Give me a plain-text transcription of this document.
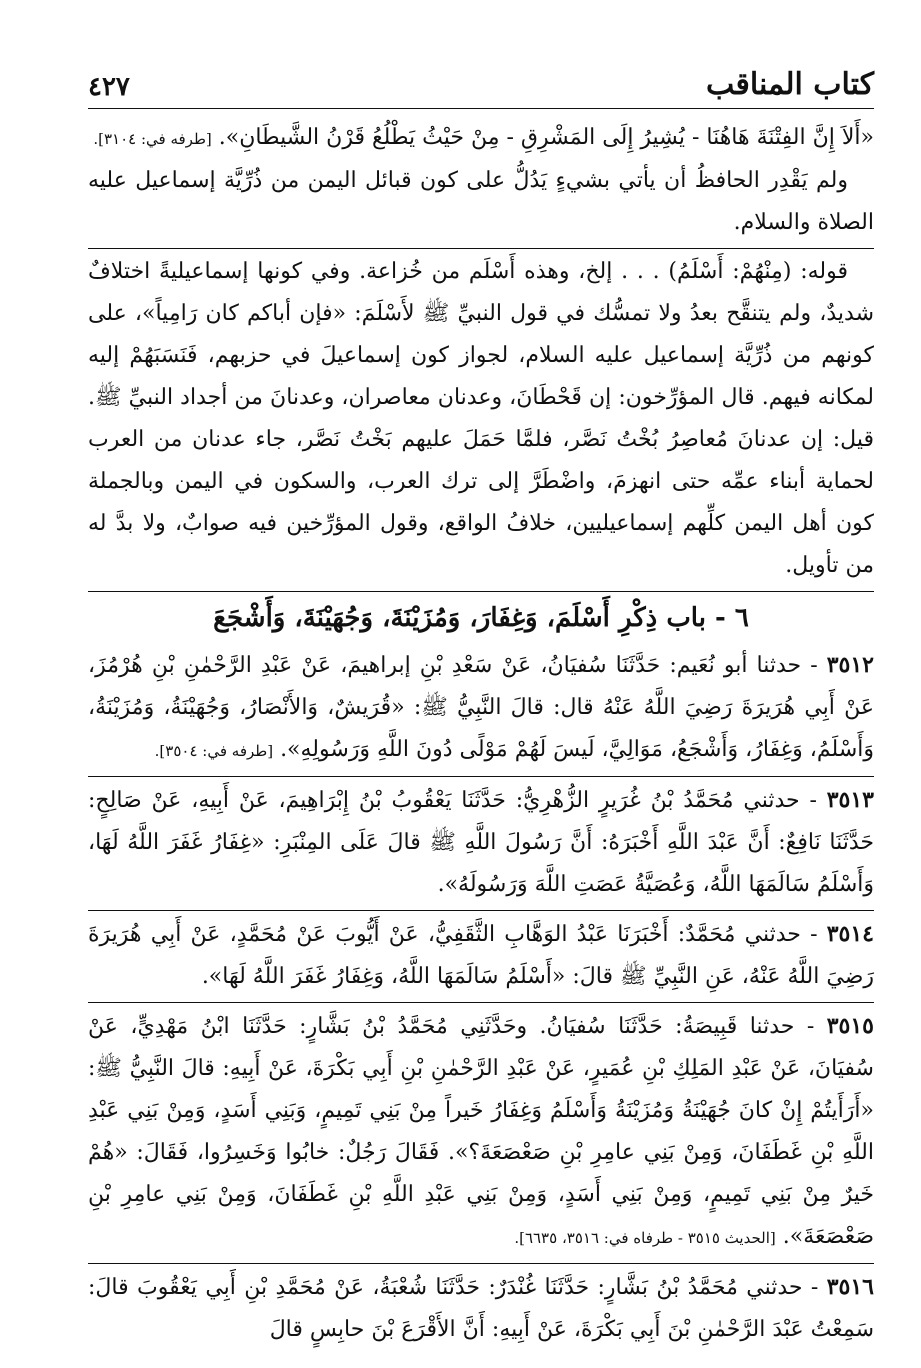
كتاب المناقب
٤٢٧

«أَلاَ إِنَّ الفِتْنَةَ هَاهُنَا - يُشِيرُ إِلَى المَشْرِقِ - مِنْ حَيْثُ يَطْلُعُ قَرْنُ الشَّيطَانِ». [طرفه في: ٣١٠٤].

ولم يَقْدِر الحافظُ أن يأتي بشيءٍ يَدُلُّ على كون قبائل اليمن من ذُرِّيَّة إسماعيل عليه الصلاة والسلام.

قوله: (مِنْهُمْ: أَسْلَمُ) . . . إلخ، وهذه أَسْلَم من خُزاعة. وفي كونها إسماعيليةً اختلافٌ شديدٌ، ولم يتنقَّح بعدُ ولا تمسُّك في قول النبيِّ ﷺ لأَسْلَمَ: «فإن أباكم كان رَامِياً»، على كونهم من ذُرِّيَّة إسماعيل عليه السلام، لجواز كون إسماعيلَ في حزبهم، فَنَسَبَهُمْ إليه لمكانه فيهم. قال المؤرِّخون: إن قَحْطَانَ، وعدنان معاصران، وعدنانَ من أجداد النبيِّ ﷺ. قيل: إن عدنانَ مُعاصِرُ بُخْتُ نَصَّر، فلمَّا حَمَلَ عليهم بَخْتُ نَصَّر، جاء عدنان من العرب لحماية أبناء عمِّه حتى انهزمَ، واضْطَرَّ إلى ترك العرب، والسكون في اليمن وبالجملة كون أهل اليمن كلِّهم إسماعيليين، خلافُ الواقع، وقول المؤرِّخين فيه صوابٌ، ولا بدَّ له من تأويل.

٦ - باب ذِكْرِ أَسْلَمَ، وَغِفَارَ، وَمُزَيْنَةَ، وَجُهَيْنَةَ، وَأَشْجَعَ

٣٥١٢ - حدثنا أبو نُعَيم: حَدَّثَنَا سُفيَانُ، عَنْ سَعْدِ بْنِ إبراهيمَ، عَنْ عَبْدِ الرَّحْمٰنِ بْنِ هُرْمُزَ، عَنْ أَبِي هُرَيرَةَ رَضِيَ اللَّهُ عَنْهُ قال: قالَ النَّبِيُّ ﷺ: «قُرَيشٌ، وَالأَنْصَارُ، وَجُهَيْنَةُ، وَمُزَيْنَةُ، وَأَسْلَمُ، وَغِفَارُ، وَأَشْجَعُ، مَوَالِيَّ، لَيسَ لَهُمْ مَوْلًى دُونَ اللَّهِ وَرَسُولِهِ». [طرفه في: ٣٥٠٤].

٣٥١٣ - حدثني مُحَمَّدُ بْنُ غُرَيرٍ الزُّهْرِيُّ: حَدَّثَنَا يَعْقُوبُ بْنُ إِبْرَاهِيمَ، عَنْ أَبِيهِ، عَنْ صَالِحٍ: حَدَّثَنَا نَافِعٌ: أَنَّ عَبْدَ اللَّهِ أَخْبَرَهُ: أَنَّ رَسُولَ اللَّهِ ﷺ قالَ عَلَى المِنْبَرِ: «غِفَارُ غَفَرَ اللَّهُ لَهَا، وَأَسْلَمُ سَالَمَهَا اللَّهُ، وَعُصَيَّةُ عَصَتِ اللَّهَ وَرَسُولَهُ».

٣٥١٤ - حدثني مُحَمَّدٌ: أَخْبَرَنَا عَبْدُ الوَهَّابِ الثَّقَفِيُّ، عَنْ أَيُّوبَ عَنْ مُحَمَّدٍ، عَنْ أَبِي هُرَيرَةَ رَضِيَ اللَّهُ عَنْهُ، عَنِ النَّبِيِّ ﷺ قالَ: «أَسْلَمُ سَالَمَهَا اللَّهُ، وَغِفَارُ غَفَرَ اللَّهُ لَهَا».

٣٥١٥ - حدثنا قَبِيصَةُ: حَدَّثَنَا سُفيَانُ. وحَدَّثَنِي مُحَمَّدُ بْنُ بَشَّارٍ: حَدَّثَنَا ابْنُ مَهْدِيٍّ، عَنْ سُفيَانَ، عَنْ عَبْدِ المَلِكِ بْنِ عُمَيرٍ، عَنْ عَبْدِ الرَّحْمٰنِ بْنِ أَبِي بَكْرَةَ، عَنْ أَبِيهِ: قالَ النَّبِيُّ ﷺ: «أَرَأَيتُمْ إِنْ كانَ جُهَيْنَةُ وَمُزَيْنَةُ وَأَسْلَمُ وَغِفَارُ خَيراً مِنْ بَنِي تَمِيمٍ، وَبَنِي أَسَدٍ، وَمِنْ بَنِي عَبْدِ اللَّهِ بْنِ غَطَفَانَ، وَمِنْ بَنِي عامِرِ بْنِ صَعْصَعَةَ؟». فَقَالَ رَجُلٌ: خابُوا وَخَسِرُوا، فَقَالَ: «هُمْ خَيرٌ مِنْ بَنِي تَمِيمٍ، وَمِنْ بَنِي أَسَدٍ، وَمِنْ بَنِي عَبْدِ اللَّهِ بْنِ غَطَفَانَ، وَمِنْ بَنِي عامِرِ بْنِ صَعْصَعَةَ». [الحديث ٣٥١٥ - طرفاه في: ٣٥١٦، ٦٦٣٥].

٣٥١٦ - حدثني مُحَمَّدُ بْنُ بَشَّارٍ: حَدَّثَنَا غُنْدَرٌ: حَدَّثَنَا شُعْبَةُ، عَنْ مُحَمَّدِ بْنِ أَبِي يَعْقُوبَ قالَ: سَمِعْتُ عَبْدَ الرَّحْمٰنِ بْنَ أَبِي بَكْرَةَ، عَنْ أَبِيهِ: أَنَّ الأَقْرَعَ بْنَ حابِسٍ قالَ
